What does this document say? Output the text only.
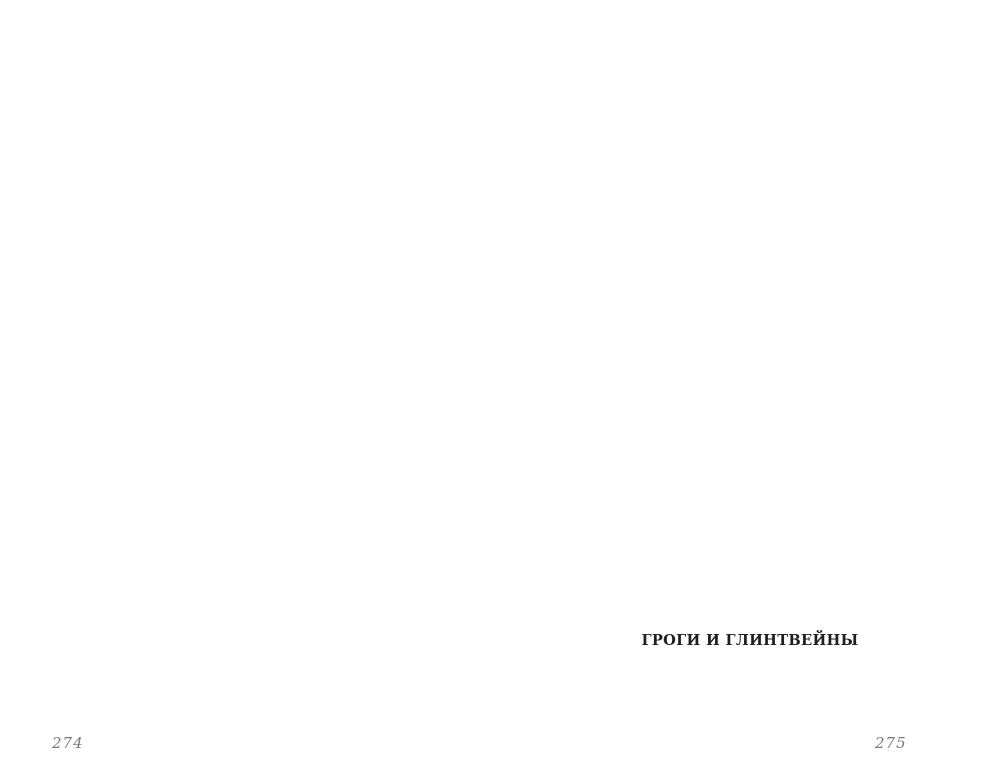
274
ГРОГИ И ГЛИНТВЕЙНЫ
275
